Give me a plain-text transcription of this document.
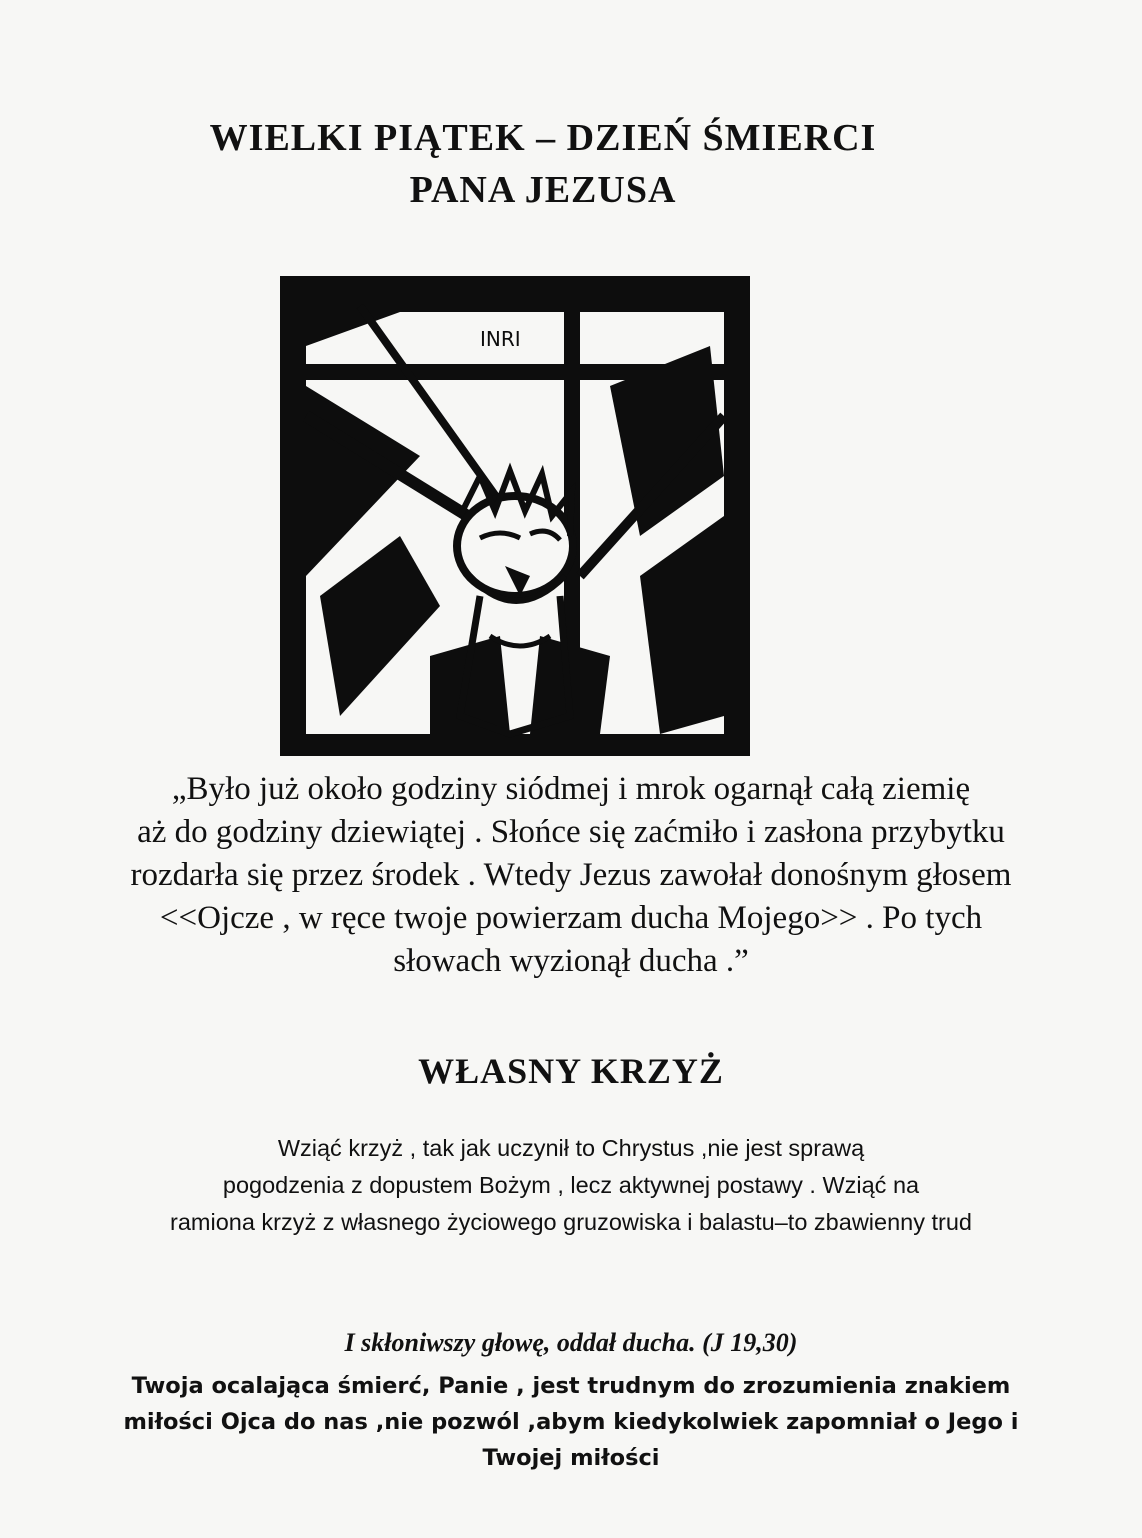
WIELKI PIĄTEK – DZIEŃ ŚMIERCI
PANA JEZUSA
INRI

„Było już około godziny siódmej i mrok ogarnął całą ziemię
aż do godziny dziewiątej . Słońce się zaćmiło i zasłona przybytku
rozdarła się przez środek . Wtedy Jezus zawołał donośnym głosem
<<Ojcze , w ręce twoje powierzam ducha Mojego>> . Po tych
słowach wyzionął ducha .”

WŁASNY KRZYŻ

Wziąć krzyż , tak jak uczynił to Chrystus ,nie jest sprawą
pogodzenia z dopustem Bożym , lecz aktywnej postawy . Wziąć na
ramiona krzyż z własnego życiowego gruzowiska i balastu–to zbawienny trud

I skłoniwszy głowę, oddał ducha. (J 19,30)

Twoja ocalająca śmierć, Panie , jest trudnym do zrozumienia znakiem
miłości Ojca do nas ,nie pozwól ,abym kiedykolwiek zapomniał o Jego i
Twojej miłości
